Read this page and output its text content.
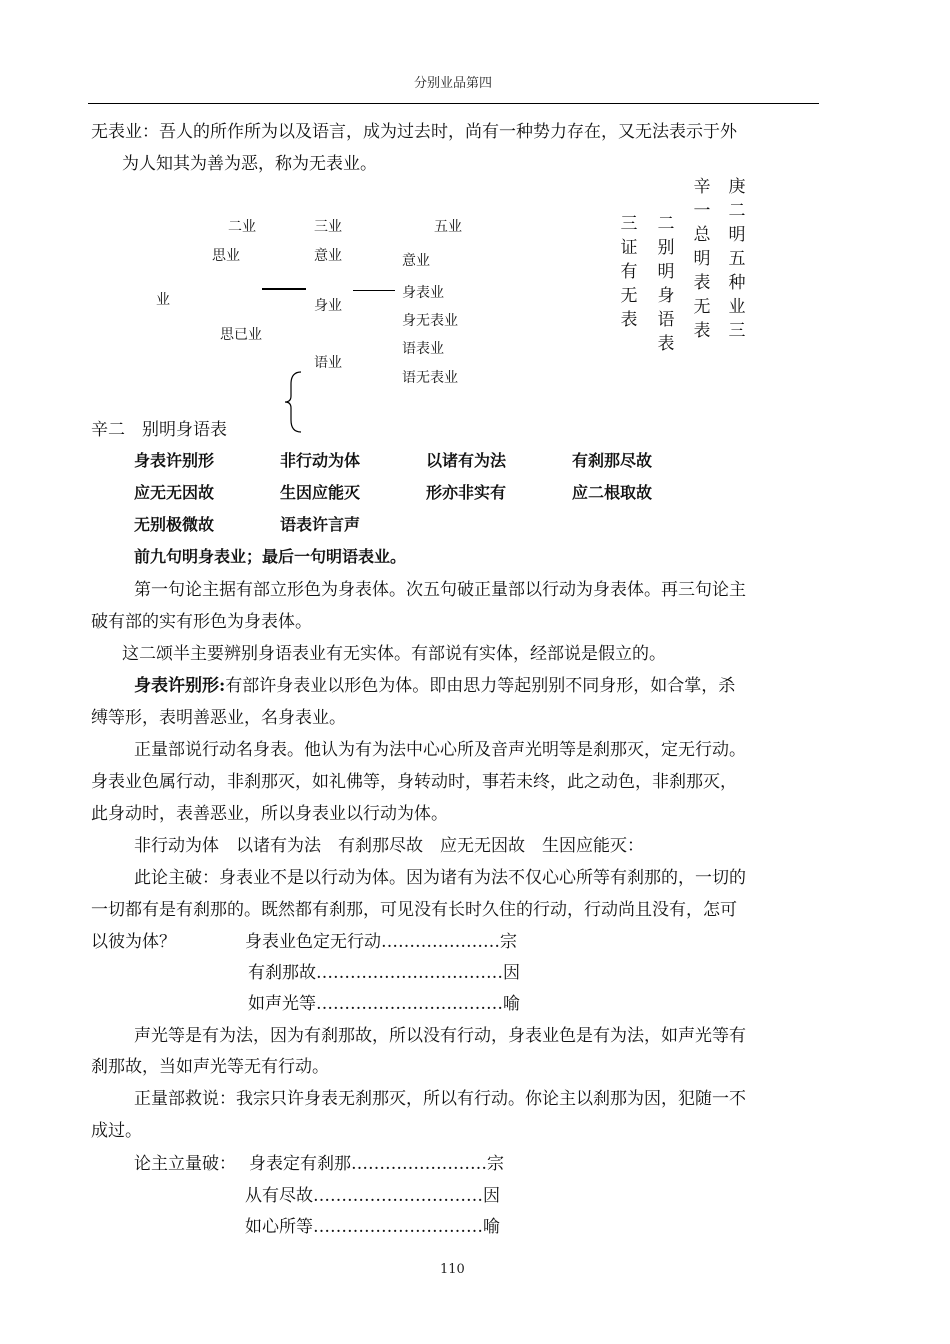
分别业品第四
无表业：吾人的所作所为以及语言，成为过去时，尚有一种势力存在，又无法表示于外
为人知其为善为恶，称为无表业。
业
二业
思业
思已业
三业
意业
身业
语业
五业
意业
身表业
身无表业
语表业
语无表业
庚二明五种业三
辛一总明表无表
二别明身语表
三证有无表
辛二　别明身语表
身表许别形	非行动为体	以诸有为法	有刹那尽故
应无无因故	生因应能灭	形亦非实有	应二根取故
无别极微故	语表许言声
前九句明身表业；最后一句明语表业。
第一句论主据有部立形色为身表体。次五句破正量部以行动为身表体。再三句论主
破有部的实有形色为身表体。
这二颂半主要辨别身语表业有无实体。有部说有实体，经部说是假立的。
身表许别形:有部许身表业以形色为体。即由思力等起别别不同身形，如合掌，杀
缚等形，表明善恶业，名身表业。
正量部说行动名身表。他认为有为法中心心所及音声光明等是刹那灭，定无行动。
身表业色属行动，非刹那灭，如礼佛等，身转动时，事若未终，此之动色，非刹那灭，
此身动时，表善恶业，所以身表业以行动为体。
非行动为体　以诸有为法　有刹那尽故　应无无因故　生因应能灭：
此论主破：身表业不是以行动为体。因为诸有为法不仅心心所等有刹那的，一切的
一切都有是有刹那的。既然都有刹那，可见没有长时久住的行动，行动尚且没有，怎可
以彼为体？	身表业色定无行动…………………宗
有刹那故……………………………因
如声光等……………………………喻
声光等是有为法，因为有刹那故，所以没有行动，身表业色是有为法，如声光等有
刹那故，当如声光等无有行动。
正量部救说：我宗只许身表无刹那灭，所以有行动。你论主以刹那为因，犯随一不
成过。
论主立量破： 身表定有刹那……………………宗
从有尽故…………………………因
如心所等…………………………喻
110
